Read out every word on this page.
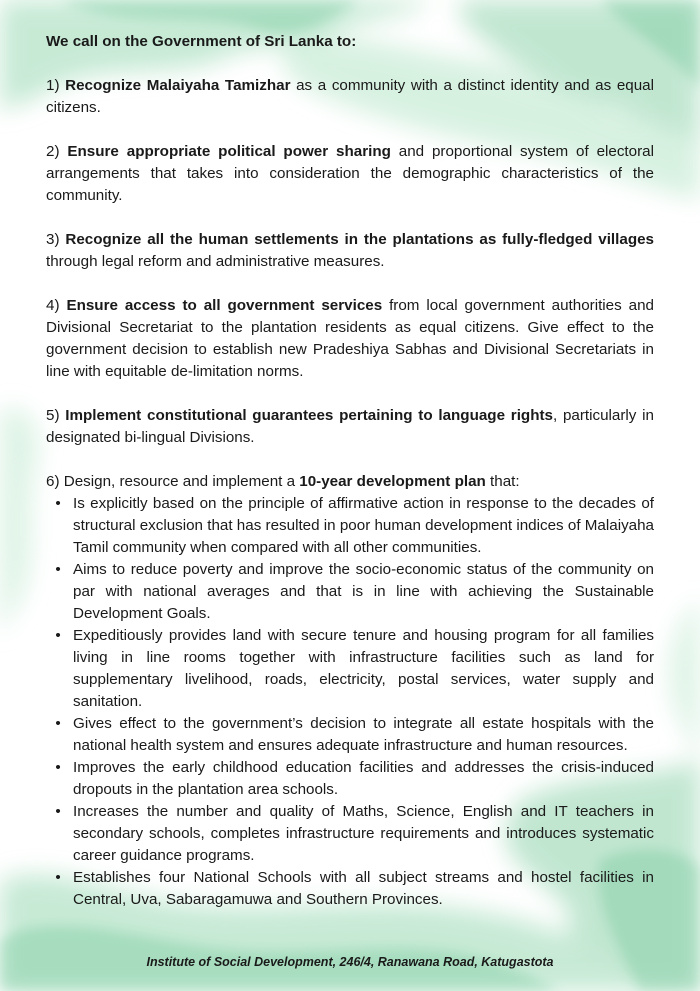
We call on the Government of Sri Lanka to:
1) Recognize Malaiyaha Tamizhar as a community with a distinct identity and as equal citizens.
2) Ensure appropriate political power sharing and proportional system of electoral arrangements that takes into consideration the demographic characteristics of the community.
3) Recognize all the human settlements in the plantations as fully-fledged villages through legal reform and administrative measures.
4) Ensure access to all government services from local government authorities and Divisional Secretariat to the plantation residents as equal citizens. Give effect to the government decision to establish new Pradeshiya Sabhas and Divisional Secretariats in line with equitable de-limitation norms.
5) Implement constitutional guarantees pertaining to language rights, particularly in designated bi-lingual Divisions.
6) Design, resource and implement a 10-year development plan that:
• Is explicitly based on the principle of affirmative action in response to the decades of structural exclusion that has resulted in poor human development indices of Malaiyaha Tamil community when compared with all other communities.
• Aims to reduce poverty and improve the socio-economic status of the community on par with national averages and that is in line with achieving the Sustainable Development Goals.
• Expeditiously provides land with secure tenure and housing program for all families living in line rooms together with infrastructure facilities such as land for supplementary livelihood, roads, electricity, postal services, water supply and sanitation.
• Gives effect to the government’s decision to integrate all estate hospitals with the national health system and ensures adequate infrastructure and human resources.
• Improves the early childhood education facilities and addresses the crisis-induced dropouts in the plantation area schools.
• Increases the number and quality of Maths, Science, English and IT teachers in secondary schools, completes infrastructure requirements and introduces systematic career guidance programs.
• Establishes four National Schools with all subject streams and hostel facilities in Central, Uva, Sabaragamuwa and Southern Provinces.
Institute of Social Development, 246/4, Ranawana Road, Katugastota
